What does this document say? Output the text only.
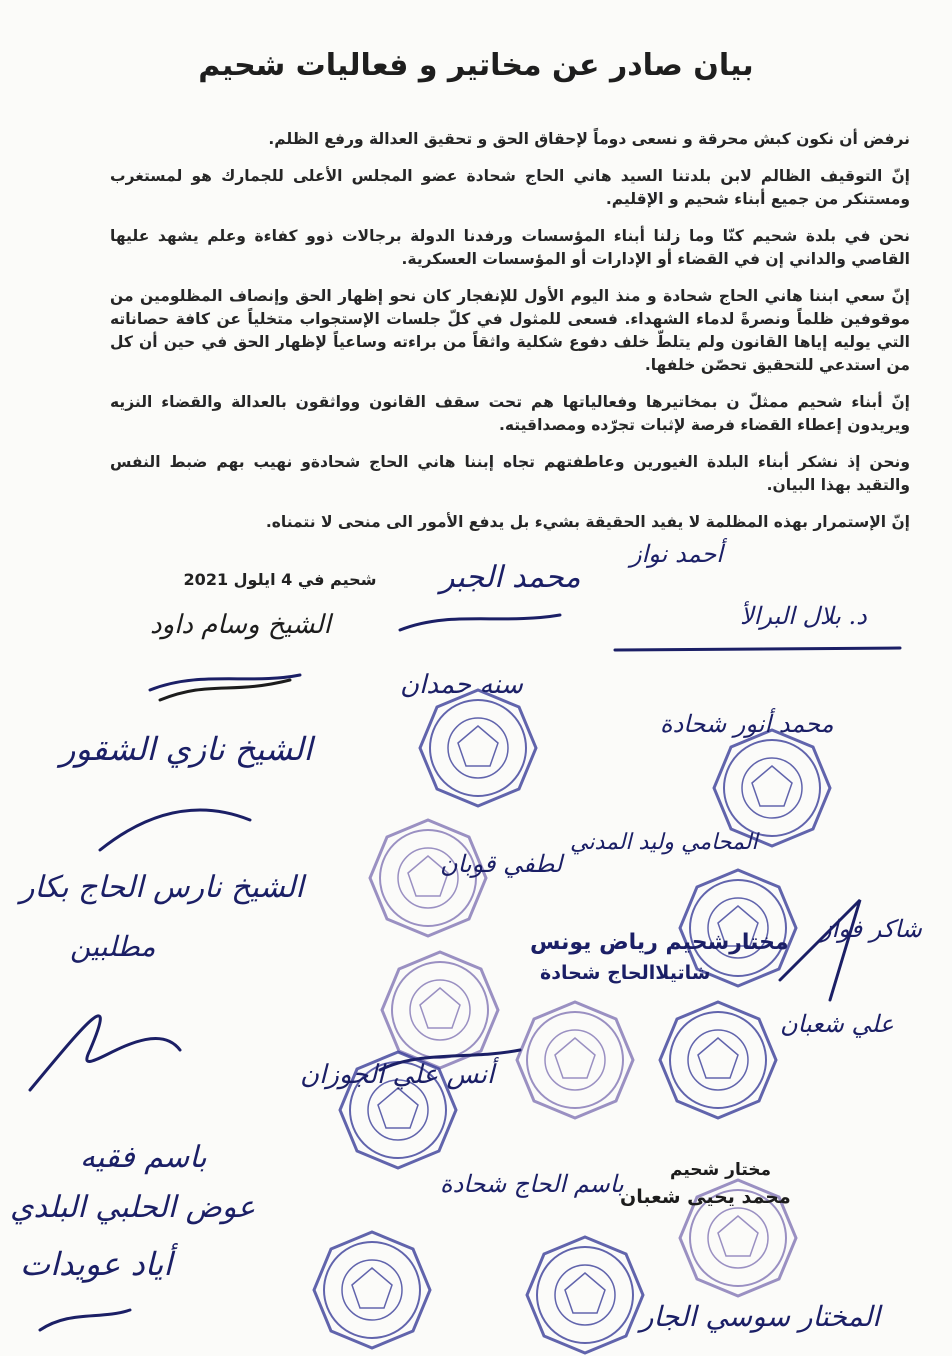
بيان صادر عن مخاتير و فعاليات شحيم

نرفض أن نكون كبش محرقة و نسعى دوماً لإحقاق الحق و تحقيق العدالة ورفع الظلم.

إنّ التوقيف الظالم لابن بلدتنا السيد هاني الحاج شحادة عضو المجلس الأعلى للجمارك هو لمستغرب ومستنكر من جميع أبناء شحيم و الإقليم.

نحن في بلدة شحيم كنّا وما زلنا أبناء المؤسسات ورفدنا الدولة برجالات ذوو كفاءة وعلم يشهد عليها القاصي والداني إن في القضاء أو الإدارات أو المؤسسات العسكرية.

إنّ سعي ابننا هاني الحاج شحادة و منذ اليوم الأول للإنفجار كان نحو إظهار الحق وإنصاف المظلومين من موقوفين ظلماً ونصرةً لدماء الشهداء. فسعى للمثول في كلّ جلسات الإستجواب متخلياً عن كافة حصاناته التي يوليه إياها القانون ولم يتلطّ خلف دفوع شكلية واثقاً من براءته وساعياً لإظهار الحق في حين أن كل من استدعي للتحقيق تحصّن خلفها.

إنّ أبناء شحيم ممثلّ ن بمخاتيرها وفعالياتها هم تحت سقف القانون وواثقون بالعدالة والقضاء النزيه ويريدون إعطاء القضاء فرصة لإثبات تجرّده ومصداقيته.

ونحن إذ نشكر أبناء البلدة الغيورين وعاطفتهم تجاه إبننا هاني الحاج شحادةو نهيب بهم ضبط النفس والتقيد بهذا البيان.

إنّ الإستمرار بهذه المظلمة لا يفيد الحقيقة بشيء بل يدفع الأمور الى منحى لا نتمناه.

شحيم في 4 ايلول 2021
أحمد نواز
محمد الجبر
د. بلال البرالأ
الشيخ وسام داود
سنه حمدان
محمد أنور شحادة
الشيخ نازي الشقور
المحامي وليد المدني
لطفي قوبان
الشيخ نارس الحاج بكار
مطلبين
شاكر فواز
علي شعبان
أنس علي الجوزان
باسم الحاج شحادة
باسم فقيه
عوض الحلبي البلدي
أياد عويدات
المختار سوسي الجار
مختارشحيم رياض يونس
شاتيلاالحاج شحادة
مختار شحيم
محمد يحيى شعبان
